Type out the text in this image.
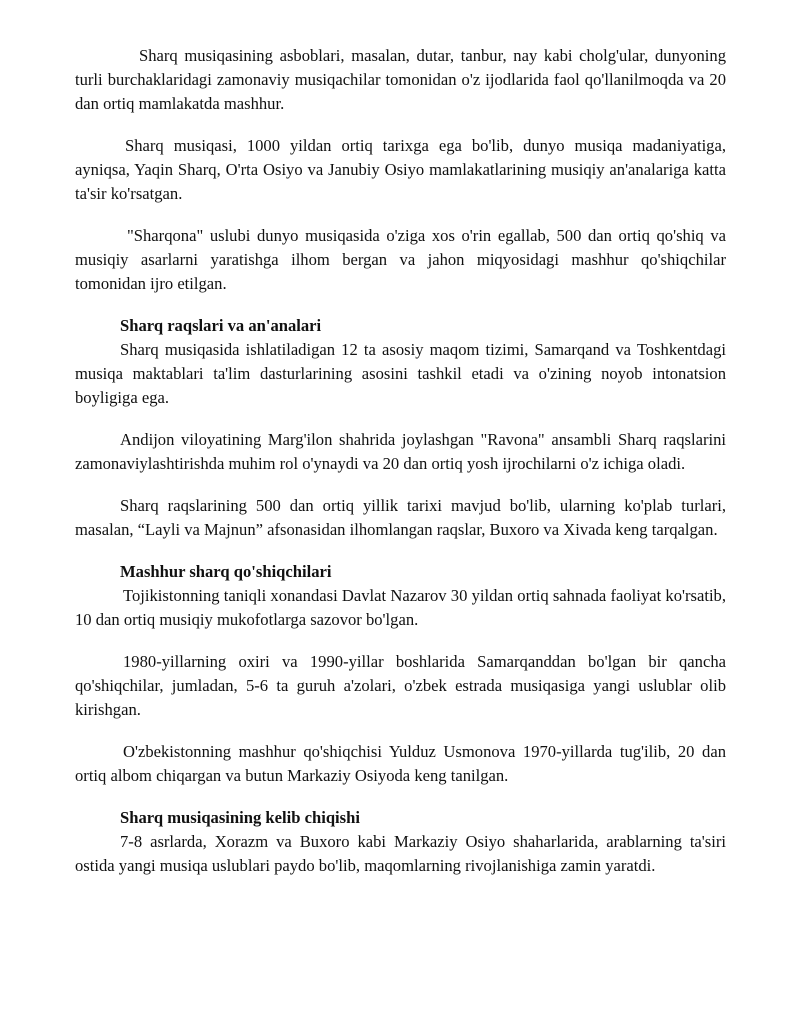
Sharq musiqasining asboblari, masalan, dutar, tanbur, nay kabi cholg'ular, dunyoning turli burchaklaridagi zamonaviy musiqachilar tomonidan o'z ijodlarida faol qo'llanilmoqda va 20 dan ortiq mamlakatda mashhur.

Sharq musiqasi, 1000 yildan ortiq tarixga ega bo'lib, dunyo musiqa madaniyatiga, ayniqsa, Yaqin Sharq, O'rta Osiyo va Janubiy Osiyo mamlakatlarining musiqiy an'analariga katta ta'sir ko'rsatgan.

"Sharqona" uslubi dunyo musiqasida o'ziga xos o'rin egallab, 500 dan ortiq qo'shiq va musiqiy asarlarni yaratishga ilhom bergan va jahon miqyosidagi mashhur qo'shiqchilar tomonidan ijro etilgan.

Sharq raqslari va an'analari

Sharq musiqasida ishlatiladigan 12 ta asosiy maqom tizimi, Samarqand va Toshkentdagi musiqa maktablari ta'lim dasturlarining asosini tashkil etadi va o'zining noyob intonatsion boyligiga ega.

Andijon viloyatining Marg'ilon shahrida joylashgan "Ravona" ansambli Sharq raqslarini zamonaviylashtirishda muhim rol o'ynaydi va 20 dan ortiq yosh ijrochilarni o'z ichiga oladi.

Sharq raqslarining 500 dan ortiq yillik tarixi mavjud bo'lib, ularning ko'plab turlari, masalan, “Layli va Majnun” afsonasidan ilhomlangan raqslar, Buxoro va Xivada keng tarqalgan.

Mashhur sharq qo'shiqchilari

Tojikistonning taniqli xonandasi Davlat Nazarov 30 yildan ortiq sahnada faoliyat ko'rsatib, 10 dan ortiq musiqiy mukofotlarga sazovor bo'lgan.

1980-yillarning oxiri va 1990-yillar boshlarida Samarqanddan bo'lgan bir qancha qo'shiqchilar, jumladan, 5-6 ta guruh a'zolari, o'zbek estrada musiqasiga yangi uslublar olib kirishgan.

O'zbekistonning mashhur qo'shiqchisi Yulduz Usmonova 1970-yillarda tug'ilib, 20 dan ortiq albom chiqargan va butun Markaziy Osiyoda keng tanilgan.

Sharq musiqasining kelib chiqishi

7-8 asrlarda, Xorazm va Buxoro kabi Markaziy Osiyo shaharlarida, arablarning ta'siri ostida yangi musiqa uslublari paydo bo'lib, maqomlarning rivojlanishiga zamin yaratdi.
